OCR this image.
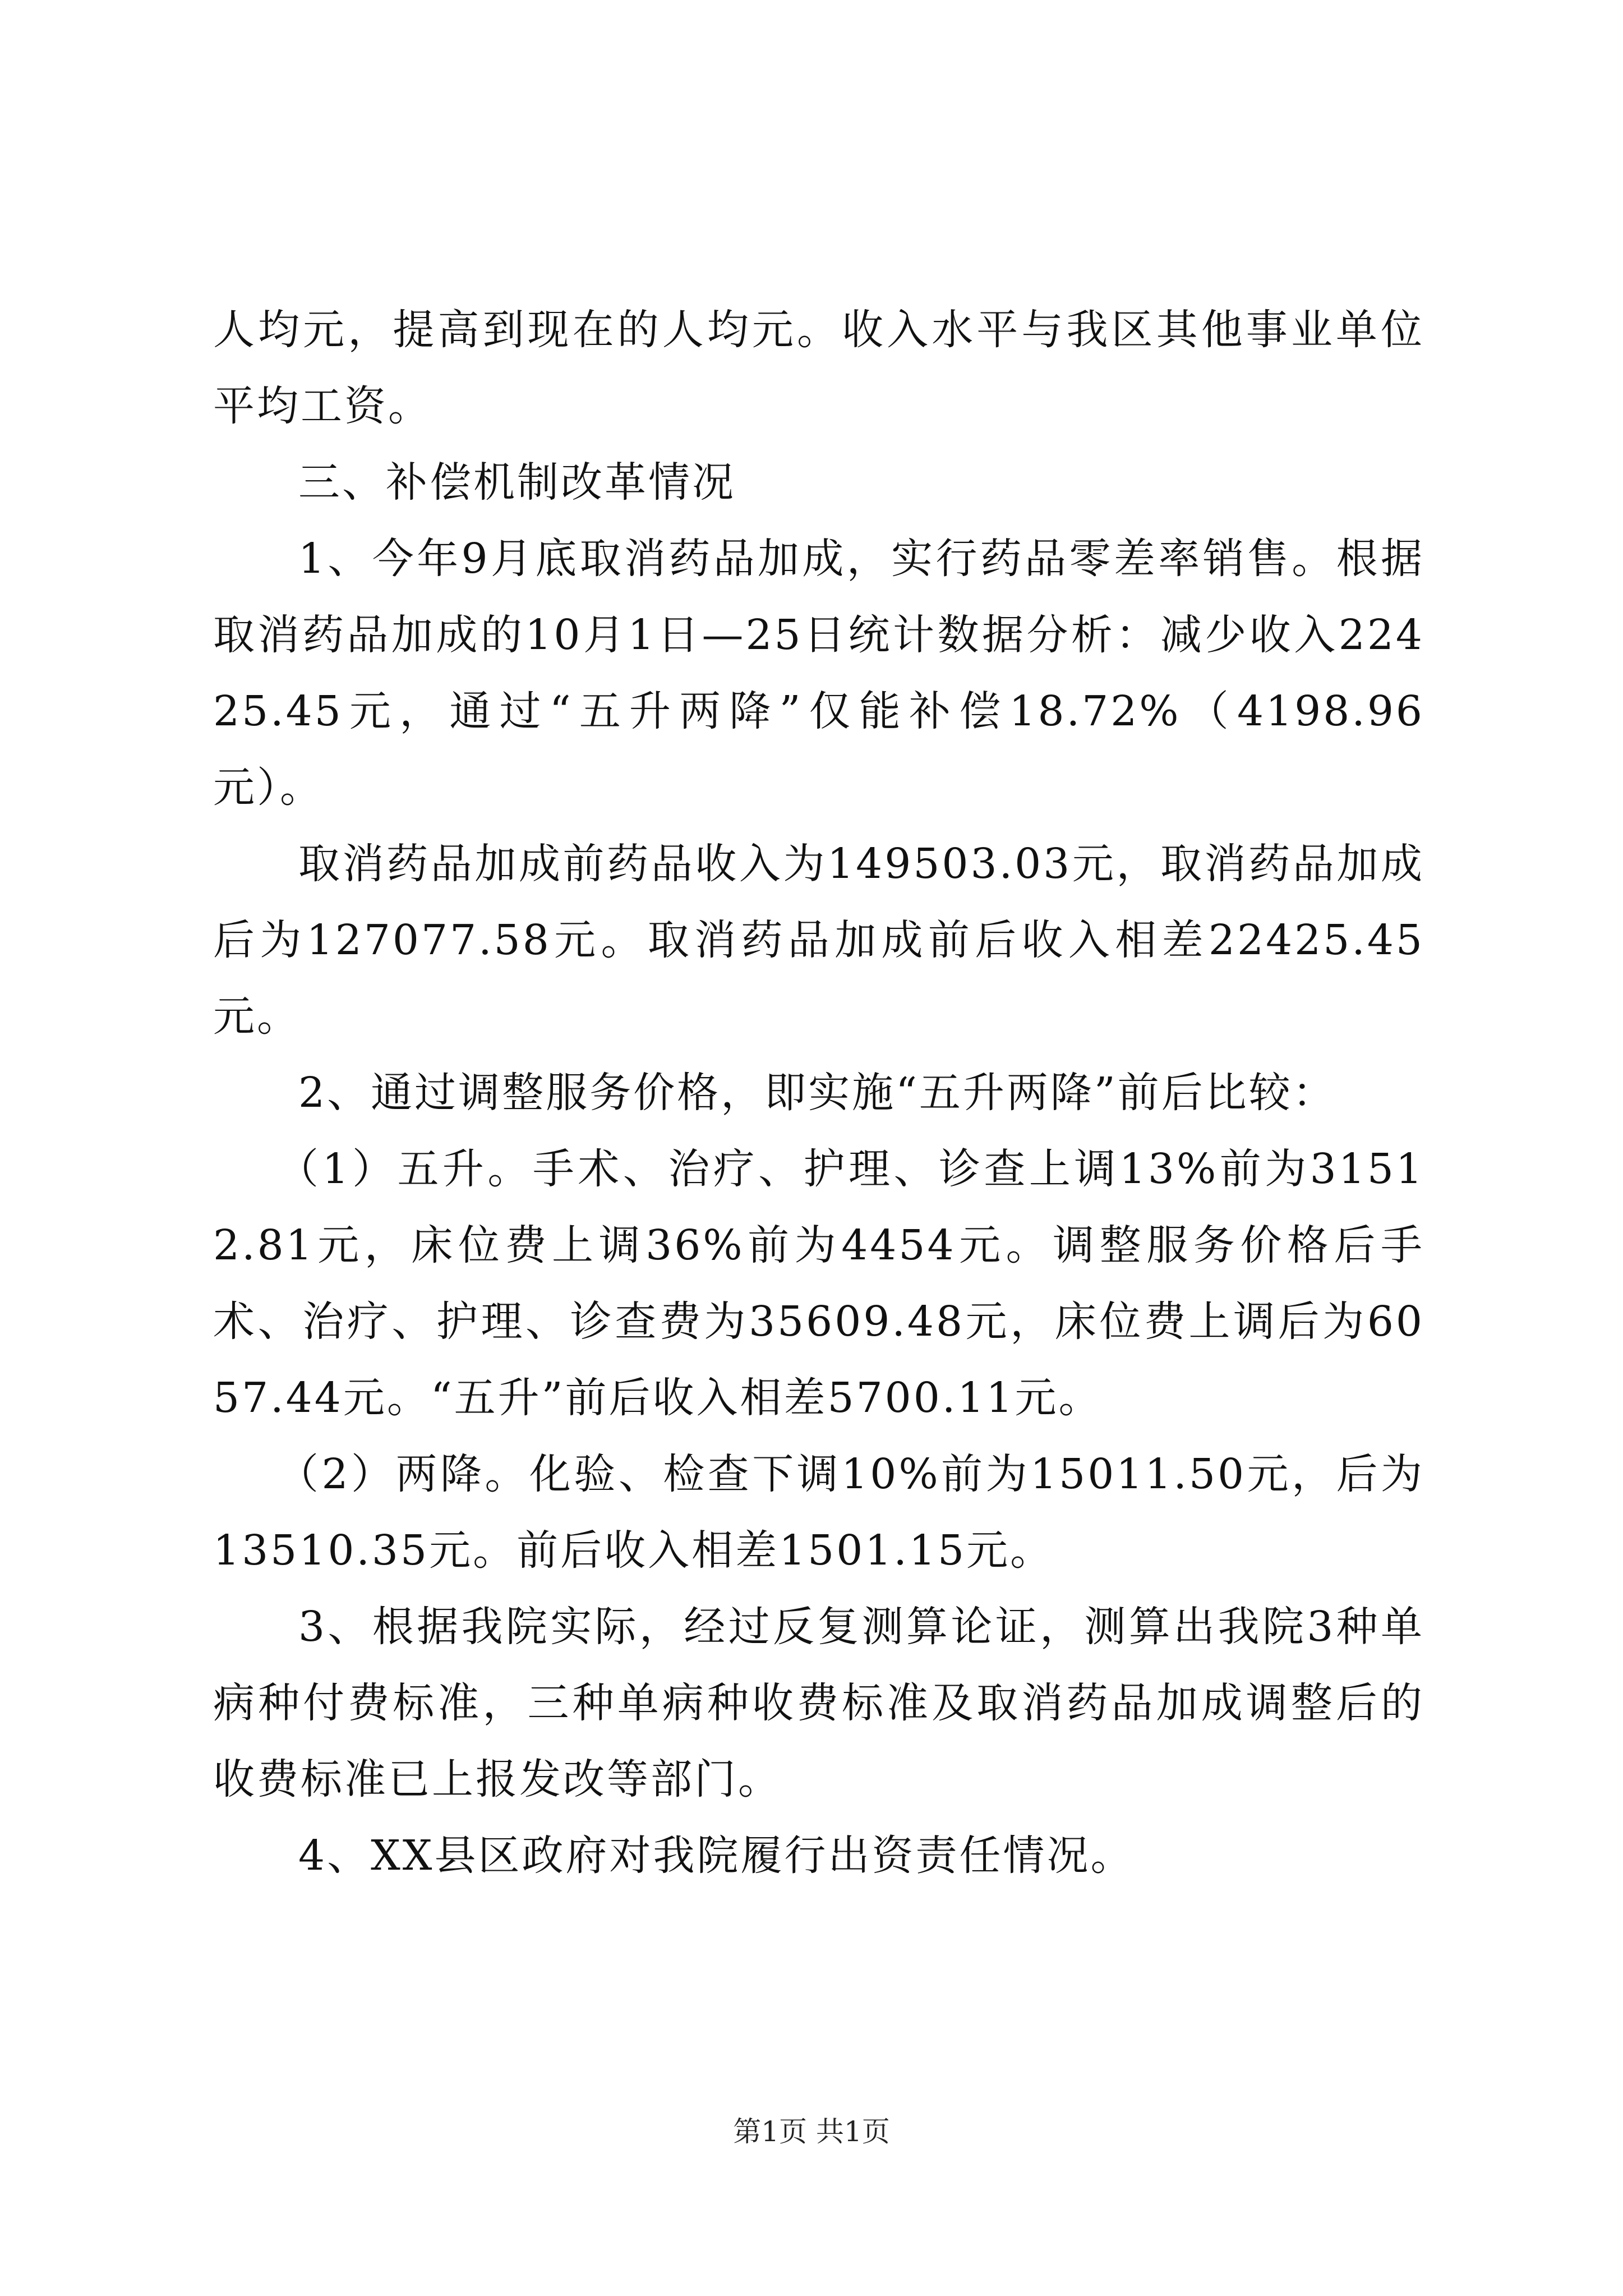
人均元，提高到现在的人均元。收入水平与我区其他事业单位平均工资。

三、补偿机制改革情况

1、今年9月底取消药品加成，实行药品零差率销售。根据取消药品加成的10月1日—25日统计数据分析：减少收入22425.45元，通过“五升两降”仅能补偿18.72%（4198.96元）。

取消药品加成前药品收入为149503.03元，取消药品加成后为127077.58元。取消药品加成前后收入相差22425.45元。

2、通过调整服务价格，即实施“五升两降”前后比较：

（1）五升。手术、治疗、护理、诊查上调13%前为31512.81元，床位费上调36%前为4454元。调整服务价格后手术、治疗、护理、诊查费为35609.48元，床位费上调后为6057.44元。“五升”前后收入相差5700.11元。

（2）两降。化验、检查下调10%前为15011.50元，后为13510.35元。前后收入相差1501.15元。

3、根据我院实际，经过反复测算论证，测算出我院3种单病种付费标准，三种单病种收费标准及取消药品加成调整后的收费标准已上报发改等部门。

4、XX县区政府对我院履行出资责任情况。

第1页 共1页
